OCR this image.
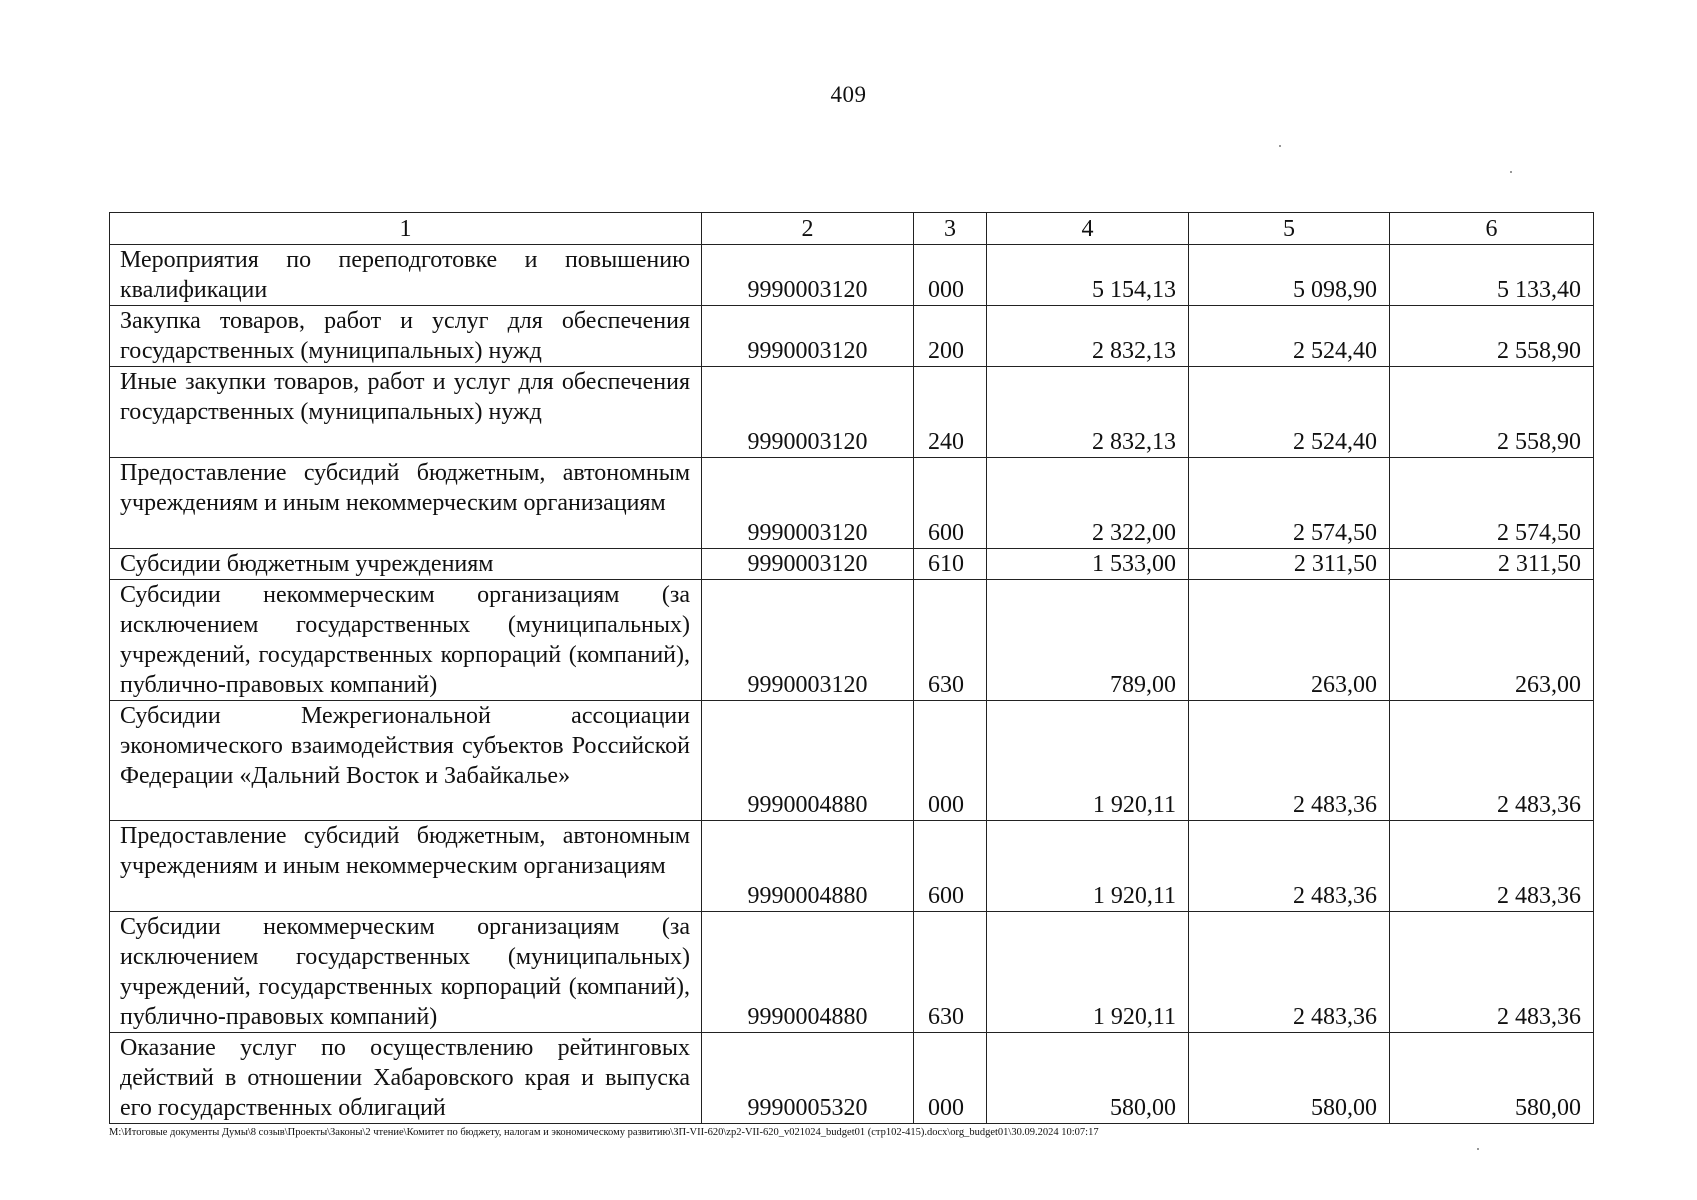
409
1	2	3	4	5	6
Мероприятия по переподготовке и повышению квалификации	9990003120	000	5 154,13	5 098,90	5 133,40
Закупка товаров, работ и услуг для обеспечения государственных (муниципальных) нужд	9990003120	200	2 832,13	2 524,40	2 558,90
Иные закупки товаров, работ и услуг для обеспечения государственных (муниципальных) нужд	9990003120	240	2 832,13	2 524,40	2 558,90
Предоставление субсидий бюджетным, автономным учреждениям и иным некоммерческим организациям	9990003120	600	2 322,00	2 574,50	2 574,50
Субсидии бюджетным учреждениям	9990003120	610	1 533,00	2 311,50	2 311,50
Субсидии некоммерческим организациям (за исключением государственных (муниципальных) учреждений, государственных корпораций (компаний), публично-правовых компаний)	9990003120	630	789,00	263,00	263,00
Субсидии Межрегиональной ассоциации экономического взаимодействия субъектов Российской Федерации «Дальний Восток и Забайкалье»	9990004880	000	1 920,11	2 483,36	2 483,36
Предоставление субсидий бюджетным, автономным учреждениям и иным некоммерческим организациям	9990004880	600	1 920,11	2 483,36	2 483,36
Субсидии некоммерческим организациям (за исключением государственных (муниципальных) учреждений, государственных корпораций (компаний), публично-правовых компаний)	9990004880	630	1 920,11	2 483,36	2 483,36
Оказание услуг по осуществлению рейтинговых действий в отношении Хабаровского края и выпуска его государственных облигаций	9990005320	000	580,00	580,00	580,00
M:\Итоговые документы Думы\8 созыв\Проекты\Законы\2 чтение\Комитет по бюджету, налогам и экономическому развитию\ЗП-VII-620\zp2-VII-620_v021024_budget01 (стр102-415).docx\org_budget01\30.09.2024 10:07:17
